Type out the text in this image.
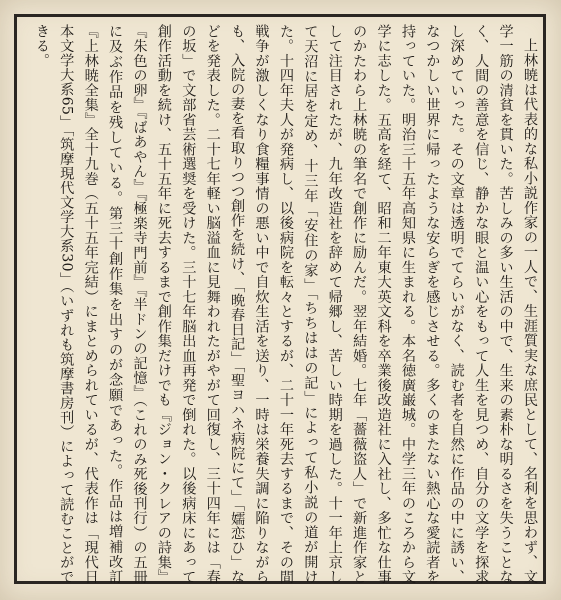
上林暁は代表的な私小説作家の一人で、生涯質実な庶民として、名利を思わず、文学一筋の清貧を貫いた。苦しみの多い生活の中で、生来の素朴な明るさを失うことなく、人間の善意を信じ、静かな眼と温い心をもって人生を見つめ、自分の文学を探求し深めていった。その文章は透明でてらいがなく、読む者を自然に作品の中に誘い、なつかしい世界に帰ったような安らぎを感じさせる。多くのまたない熱心な愛読者を持っていた。明治三十五年高知県に生まれる。本名徳廣巌城。中学三年のころから文学に志した。五高を経て、昭和二年東大英文科を卒業後改造社に入社し、多忙な仕事のかたわら上林暁の筆名で創作に励んだ。翌年結婚。七年「薔薇盗人」で新進作家として注目されたが、九年改造社を辞めて帰郷し、苦しい時期を過した。十一年上京して天沼に居を定め、十三年「安住の家」「ちちははの記」によって私小説の道が開けた。十四年夫人が発病し、以後病院を転々とするが、二十一年死去するまで、その間戦争が激しくなり食糧事情の悪い中で自炊生活を送り、一時は栄養失調に陥りながらも、入院の妻を看取りつつ創作を続け、「晩春日記」「聖ヨハネ病院にて」「嬬恋ひ」などを発表した。二十七年軽い脳溢血に見舞われたがやがて回復し、三十四年には「春の坂」で文部省芸術選奨を受けた。三十七年脳出血再発で倒れた。以後病床にあって創作活動を続け、五十五年に死去するまで創作集だけでも『ジョン・クレアの詩集』『朱色の卵』『ばあやん』『極楽寺門前』『半ドンの記憶』（これのみ死後刊行）の五冊に及ぶ作品を残している。第三十創作集を出すのが念願であった。作品は増補改訂『上林暁全集』全十九巻（五十五年完結）にまとめられているが、代表作は「現代日本文学大系65」「筑摩現代文学大系30」（いずれも筑摩書房刊）によって読むことができる。
